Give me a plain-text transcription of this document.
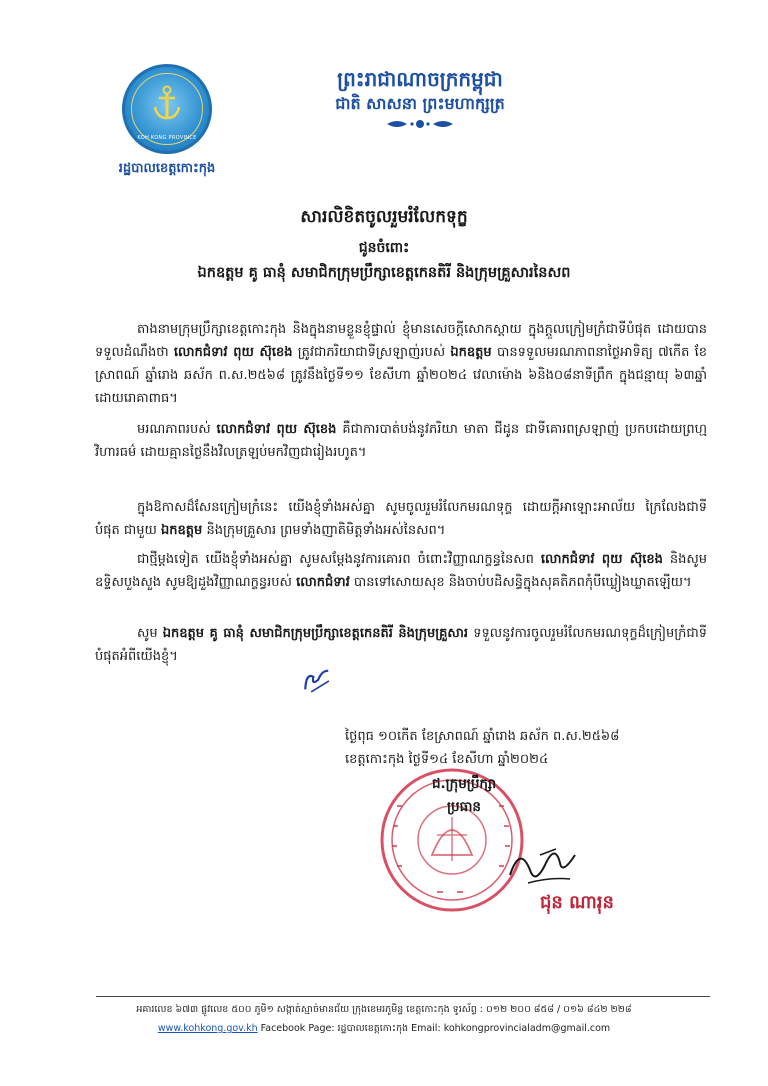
KOH KONG PROVINCE
រដ្ឋបាលខេត្តកោះកុង
ព្រះរាជាណាចក្រកម្ពុជា
ជាតិ សាសនា ព្រះមហាក្សត្រ
សារលិខិតចូលរួមរំលែកទុក្ខ
ជូនចំពោះ
ឯកឧត្តម គូ ធានុំ សមាជិកក្រុមប្រឹក្សាខេត្តកេនតិរី និងក្រុមគ្រួសារនៃសព
តាងនាមក្រុមប្រឹក្សាខេត្តកោះកុង និងក្នុងនាមខ្លួនខ្ញុំផ្ទាល់ ខ្ញុំមានសេចក្តីសោកស្តាយ ក្នុងក្តួលក្រៀមក្រំជាទីបំផុត ដោយបានទទួលដំណឹងថា លោកជំទាវ ពុយ ស៊ុខេង ត្រូវជាភរិយាជាទីស្រឡាញ់របស់ ឯកឧត្តម បានទទួលមរណភាពនាថ្ងៃអាទិត្យ ៧កើត ខែស្រាពណ៍ ឆ្នាំរោង ឆស័ក ព.ស.២៥៦៨ ត្រូវនឹងថ្ងៃទី១១ ខែសីហា ឆ្នាំ២០២៤ វេលាម៉ោង ៦និង០៨នាទីព្រឹក ក្នុងជន្មាយុ ៦៣ឆ្នាំ ដោយរោគាពាធ។
មរណភាពរបស់ លោកជំទាវ ពុយ ស៊ុខេង គឺជាការបាត់បង់នូវភរិយា មាតា ជីដូន ជាទីគោរពស្រឡាញ់ ប្រកបដោយព្រហ្មវិហារធម៌ ដោយគ្មានថ្ងៃនឹងវិលត្រឡប់មកវិញជារៀងរហូត។
ក្នុងឱកាសដ៏សែនក្រៀមក្រំនេះ យើងខ្ញុំទាំងអស់គ្នា សូមចូលរួមរំលែកមរណទុក្ខ ដោយក្តីអាឡោះអាល័យ ក្រៃលែងជាទីបំផុត ជាមួយ ឯកឧត្តម និងក្រុមគ្រួសារ ព្រមទាំងញាតិមិត្តទាំងអស់នៃសព។
ជាថ្មីម្តងទៀត យើងខ្ញុំទាំងអស់គ្នា សូមសម្តែងនូវការគោរព ចំពោះវិញ្ញាណក្ខន្ធនៃសព លោកជំទាវ ពុយ ស៊ុខេង និងសូមឧទ្ទិសបួងសួង សូមឱ្យដួងវិញ្ញាណក្ខន្ធរបស់ លោកជំទាវ បានទៅសោយសុខ និងចាប់បដិសន្ធិក្នុងសុគតិភពកុំបីឃ្លៀងឃ្លាតឡើយ។
សូម ឯកឧត្តម គូ ធានុំ សមាជិកក្រុមប្រឹក្សាខេត្តកេនតិរី និងក្រុមគ្រួសារ ទទួលនូវការចូលរួមរំលែកមរណទុក្ខដ៏ក្រៀមក្រំជាទីបំផុតអំពីយើងខ្ញុំ។
ថ្ងៃពុធ ១០កើត ខែស្រាពណ៍ ឆ្នាំរោង ឆស័ក ព.ស.២៥៦៨
ខេត្តកោះកុង ថ្ងៃទី១៤ ខែសីហា ឆ្នាំ២០២៤
ជ.ក្រុមប្រឹក្សា
ប្រធាន
ជុន ណារុន
អគារលេខ ៦៧៣ ផ្លូវលេខ ៥០០ ភូមិ១ សង្កាត់ស្មាច់មានជ័យ ក្រុងខេមរភូមិន្ទ ខេត្តកោះកុង ទូរស័ព្ទ : ០១២ ២០០ ៨៥៨ / ០១៦ ៨៤២ ២២៨
www.kohkong.gov.kh Facebook Page: រដ្ឋបាលខេត្តកោះកុង Email: kohkongprovincialadm@gmail.com
